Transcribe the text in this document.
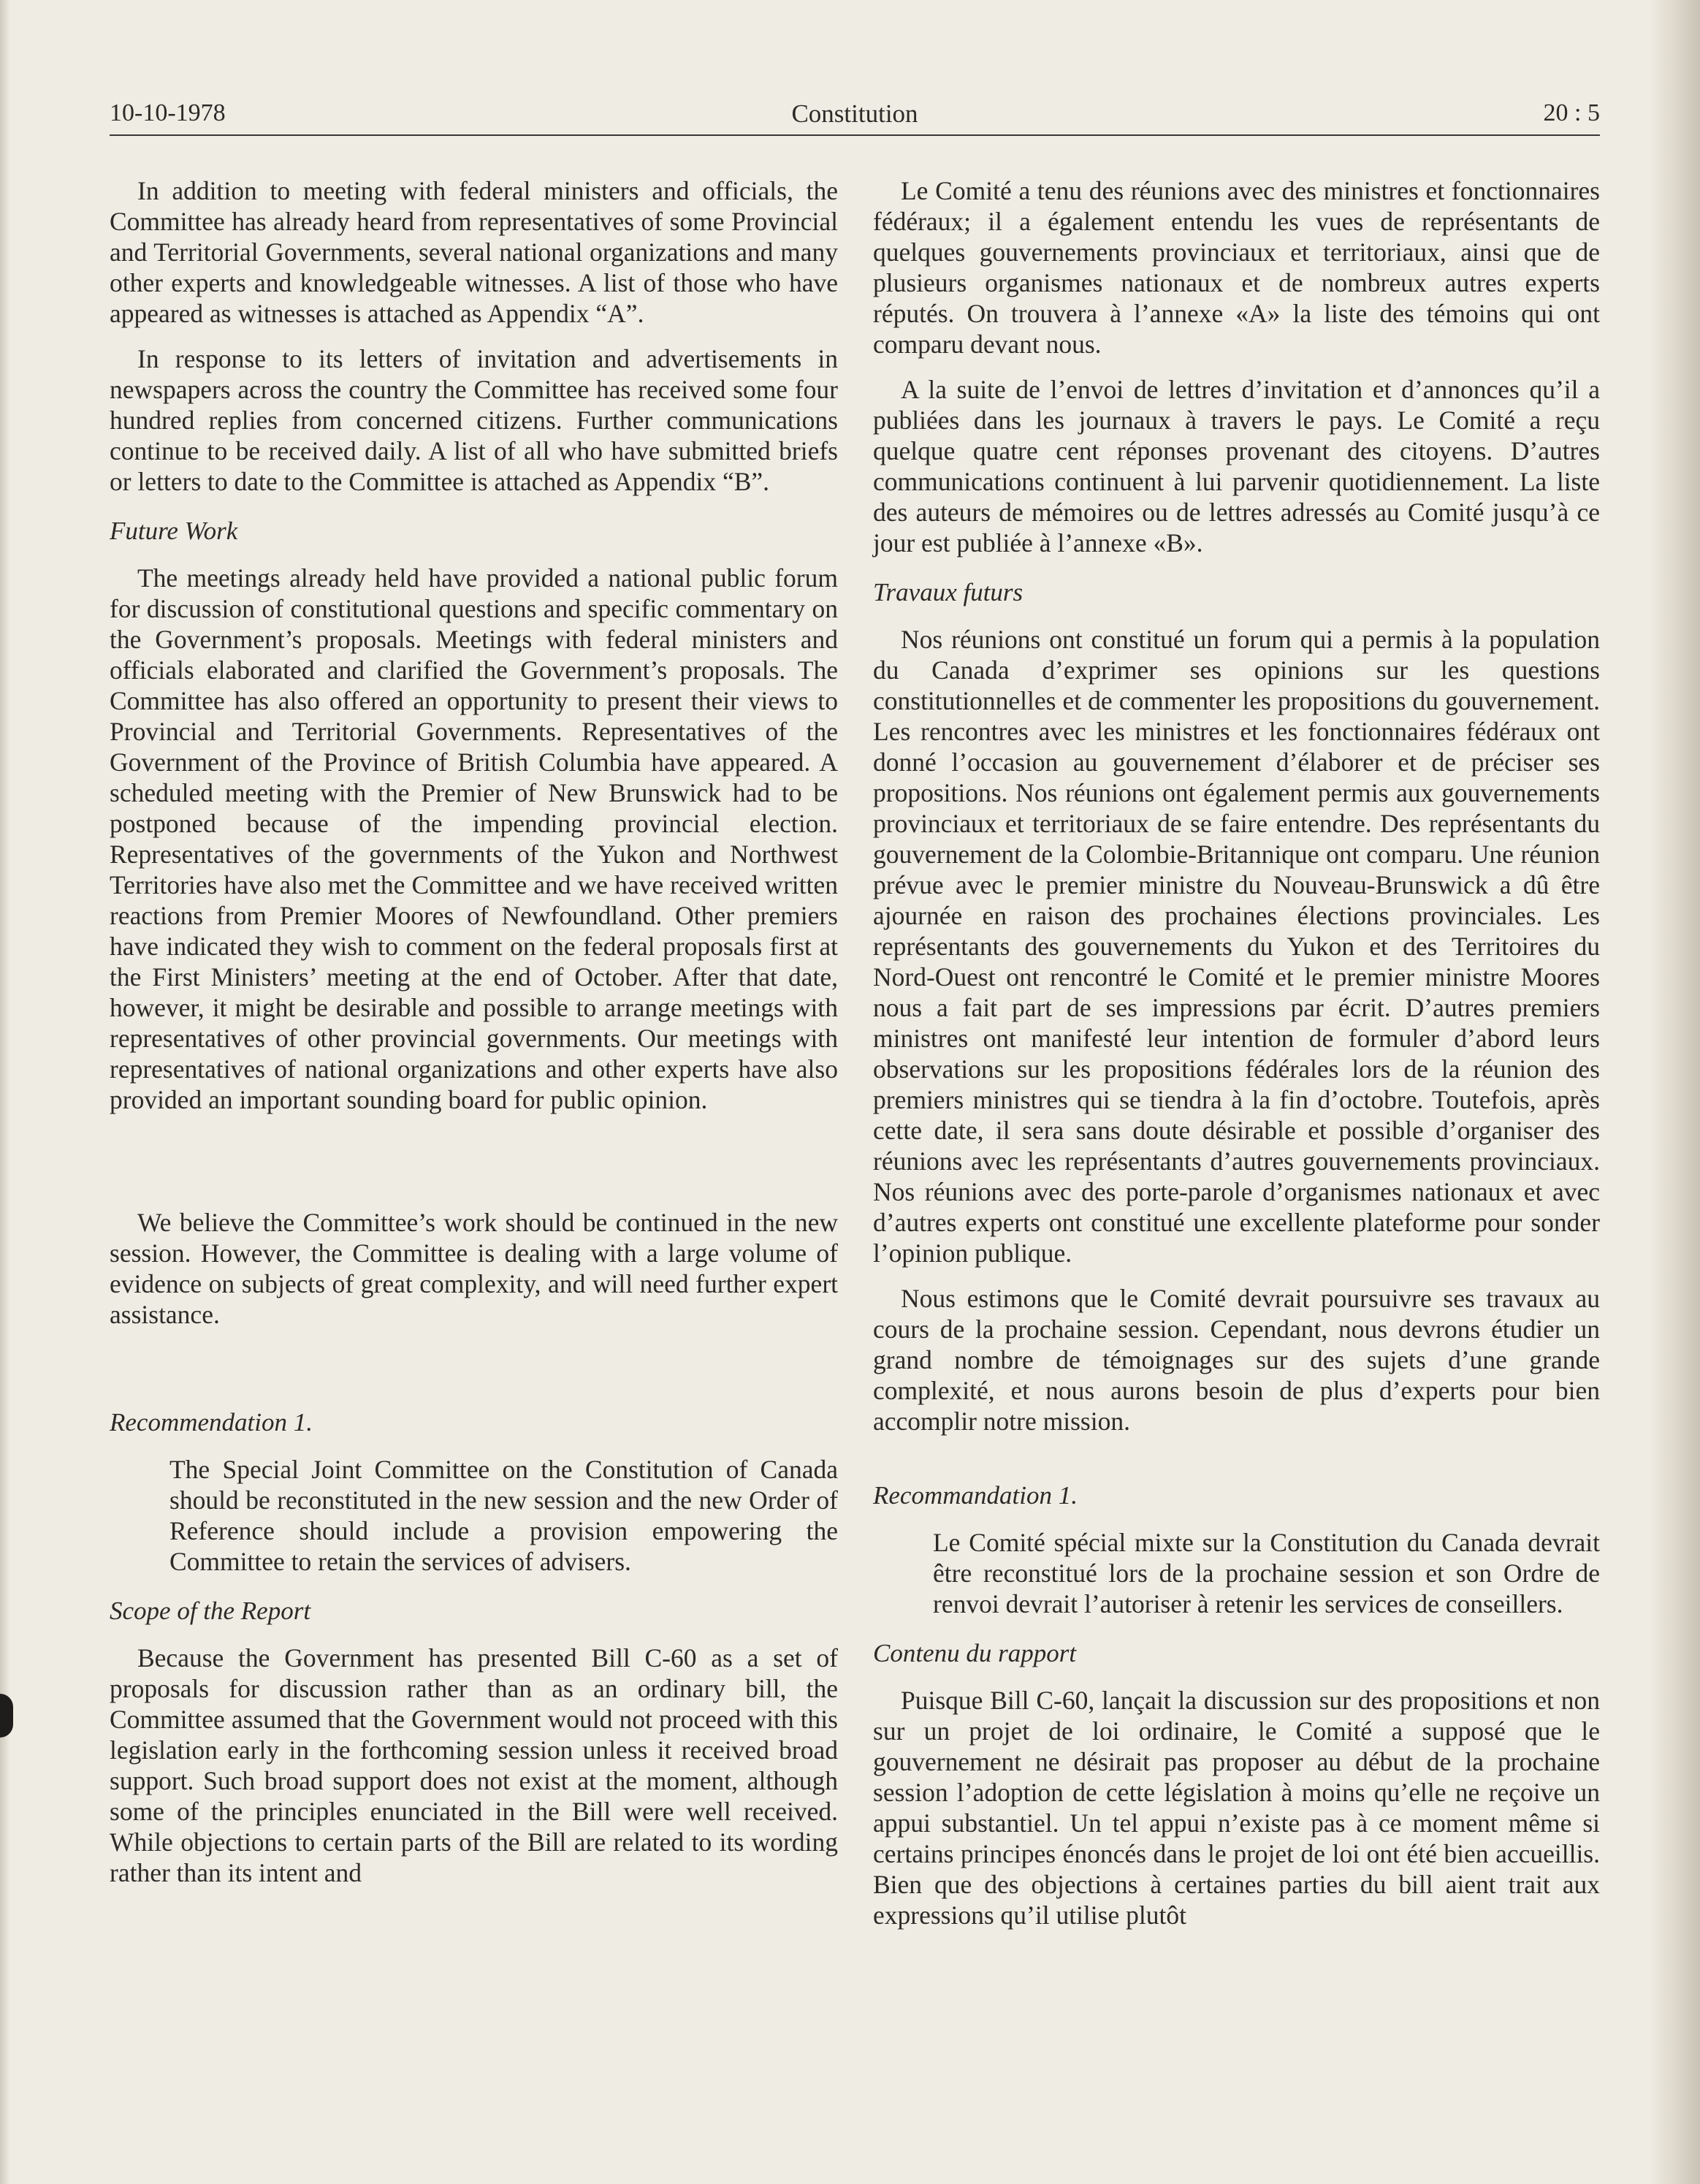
Constitution
10-10-1978	20 : 5

In addition to meeting with federal ministers and officials, the Committee has already heard from representatives of some Provincial and Territorial Governments, several national organizations and many other experts and knowledgeable witnesses. A list of those who have appeared as witnesses is attached as Appendix “A”.

In response to its letters of invitation and advertisements in newspapers across the country the Committee has received some four hundred replies from concerned citizens. Further communications continue to be received daily. A list of all who have submitted briefs or letters to date to the Committee is attached as Appendix “B”.

Future Work

The meetings already held have provided a national public forum for discussion of constitutional questions and specific commentary on the Government’s proposals. Meetings with federal ministers and officials elaborated and clarified the Government’s proposals. The Committee has also offered an opportunity to present their views to Provincial and Territorial Governments. Representatives of the Government of the Province of British Columbia have appeared. A scheduled meeting with the Premier of New Brunswick had to be postponed because of the impending provincial election. Representatives of the governments of the Yukon and Northwest Territories have also met the Committee and we have received written reactions from Premier Moores of Newfoundland. Other premiers have indicated they wish to comment on the federal proposals first at the First Ministers’ meeting at the end of October. After that date, however, it might be desirable and possible to arrange meetings with representatives of other provincial governments. Our meetings with representatives of national organizations and other experts have also provided an important sounding board for public opinion.

We believe the Committee’s work should be continued in the new session. However, the Committee is dealing with a large volume of evidence on subjects of great complexity, and will need further expert assistance.

Recommendation 1.

The Special Joint Committee on the Constitution of Canada should be reconstituted in the new session and the new Order of Reference should include a provision empowering the Committee to retain the services of advisers.

Scope of the Report

Because the Government has presented Bill C-60 as a set of proposals for discussion rather than as an ordinary bill, the Committee assumed that the Government would not proceed with this legislation early in the forthcoming session unless it received broad support. Such broad support does not exist at the moment, although some of the principles enunciated in the Bill were well received. While objections to certain parts of the Bill are related to its wording rather than its intent and

Le Comité a tenu des réunions avec des ministres et fonctionnaires fédéraux; il a également entendu les vues de représentants de quelques gouvernements provinciaux et territoriaux, ainsi que de plusieurs organismes nationaux et de nombreux autres experts réputés. On trouvera à l’annexe «A» la liste des témoins qui ont comparu devant nous.

A la suite de l’envoi de lettres d’invitation et d’annonces qu’il a publiées dans les journaux à travers le pays. Le Comité a reçu quelque quatre cent réponses provenant des citoyens. D’autres communications continuent à lui parvenir quotidiennement. La liste des auteurs de mémoires ou de lettres adressés au Comité jusqu’à ce jour est publiée à l’annexe «B».

Travaux futurs

Nos réunions ont constitué un forum qui a permis à la population du Canada d’exprimer ses opinions sur les questions constitutionnelles et de commenter les propositions du gouvernement. Les rencontres avec les ministres et les fonctionnaires fédéraux ont donné l’occasion au gouvernement d’élaborer et de préciser ses propositions. Nos réunions ont également permis aux gouvernements provinciaux et territoriaux de se faire entendre. Des représentants du gouvernement de la Colombie-Britannique ont comparu. Une réunion prévue avec le premier ministre du Nouveau-Brunswick a dû être ajournée en raison des prochaines élections provinciales. Les représentants des gouvernements du Yukon et des Territoires du Nord-Ouest ont rencontré le Comité et le premier ministre Moores nous a fait part de ses impressions par écrit. D’autres premiers ministres ont manifesté leur intention de formuler d’abord leurs observations sur les propositions fédérales lors de la réunion des premiers ministres qui se tiendra à la fin d’octobre. Toutefois, après cette date, il sera sans doute désirable et possible d’organiser des réunions avec les représentants d’autres gouvernements provinciaux. Nos réunions avec des porte-parole d’organismes nationaux et avec d’autres experts ont constitué une excellente plateforme pour sonder l’opinion publique.

Nous estimons que le Comité devrait poursuivre ses travaux au cours de la prochaine session. Cependant, nous devrons étudier un grand nombre de témoignages sur des sujets d’une grande complexité, et nous aurons besoin de plus d’experts pour bien accomplir notre mission.

Recommandation 1.

Le Comité spécial mixte sur la Constitution du Canada devrait être reconstitué lors de la prochaine session et son Ordre de renvoi devrait l’autoriser à retenir les services de conseillers.

Contenu du rapport

Puisque Bill C-60, lançait la discussion sur des propositions et non sur un projet de loi ordinaire, le Comité a supposé que le gouvernement ne désirait pas proposer au début de la prochaine session l’adoption de cette législation à moins qu’elle ne reçoive un appui substantiel. Un tel appui n’existe pas à ce moment même si certains principes énoncés dans le projet de loi ont été bien accueillis. Bien que des objections à certaines parties du bill aient trait aux expressions qu’il utilise plutôt
